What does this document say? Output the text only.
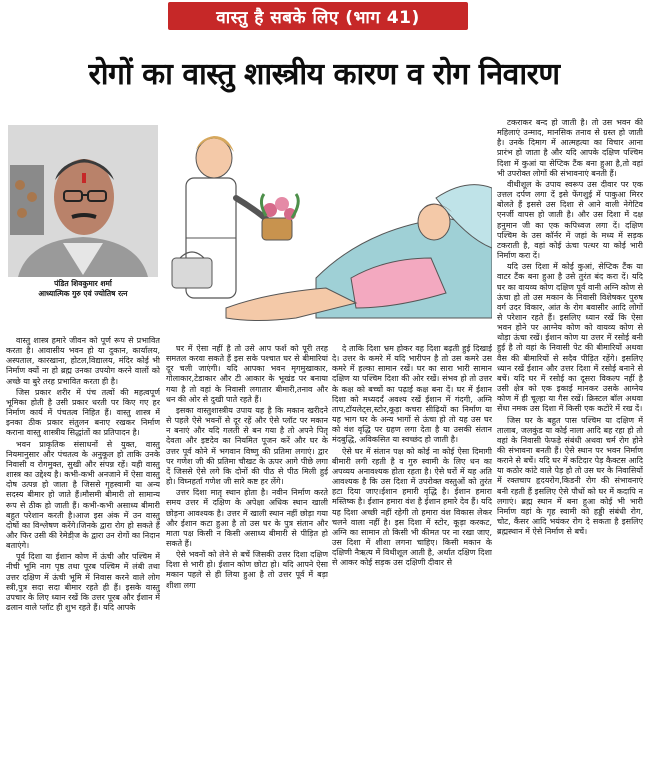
वास्तु है सबके लिए (भाग 41)
रोगों का वास्तु शास्त्रीय कारण व रोग निवारण
पंडित शिवकुमार शर्मा
आध्यात्मिक गुरु एवं ज्योतिष रत्न

वास्तु शास्त्र हमारे जीवन को पूर्ण रूप से प्रभावित करता है। आवासीय भवन हो या दुकान, कार्यालय, अस्पताल, कारखाना, होटल,विद्यालय, मंदिर कोई भी निर्माण क्यों ना हो ब्रह्म उनका उपयोग करने वालों को अच्छे या बुरे तरह प्रभावित करता ही है।

जिस प्रकार शरीर में पंच तत्वों की महत्वपूर्ण भूमिका होती है उसी प्रकार धरती पर किए गए हर निर्माण कार्य में पंचतत्व निहित हैं। वास्तु शास्त्र में इनका ठीक प्रकार संतुलन बनाए रखकर निर्माण कराना वास्तु शास्त्रीय सिद्धांतों का प्रतिपादन है।

भवन प्राकृतिक संसाधनों से युक्त, वास्तु नियमानुसार और पंचतत्व के अनुकूल हो ताकि उनके निवासी व रोगमुक्त, सुखी और संपन्न रहें। यही वास्तु शास्त्र का उद्देश्य है। कभी-कभी अनजाने में ऐसा वास्तु दोष उत्पन्न हो जाता है जिससे गृहस्वामी या अन्य सदस्य बीमार हो जाते हैं।मौसमी बीमारी तो सामान्य रूप से ठीक हो जाती हैं। कभी-कभी असाध्य बीमारी बहुत परेशान करती है।आज इस अंक में उन वास्तु दोषों का विश्लेषण करेंगे।जिनके द्वारा रोग हो सकते हैं और फिर उसी की रेमेडी़ज के द्वारा उन रोगों का निदान बताएंगे।

पूर्व दिशा या ईशान कोण में ऊंची और पश्चिम में नीची भूमि नाग पृष्ठ तथा पूरब पश्चिम में लंबी तथा उत्तर दक्षिण में ऊंची भूमि में निवास करने वाले लोग स्त्री,पुत्र सदा सदा बीमार रहते ही हैं। इसके वास्तु उपचार के लिए ध्यान रखें कि उत्तर पूरब और ईशान में ढलान वाले प्लॉट ही शुभ रहते हैं। यदि आपके

घर में ऐसा नहीं है तो उसे आप फर्श को पूरी तरह समतल करवा सकते हैं इस सके पश्चात घर से बीमारियां दूर चली जाएंगी। यदि आपका भवन मृगमुखाकार, गोलाकार,टेडाकार और टी आकार के भूखंड पर बनाया गया है तो वहां के निवासी लगातार बीमारी,तनाव और धन की ओर से दुखी पाते रहते हैं।

इसका वास्तुशास्त्रीय उपाय यह है कि मकान खरीदने से पहले ऐसे भवनों से दूर रहें और ऐसे प्लॉट पर मकान न बनाएं और यदि गलती से बन गया है तो अपने पितृ देवता और इष्टदेव का नियमित पूजन करें और घर के उत्तर पूर्व कोने में भगवान विष्णु की प्रतिमा लगाएं। द्वार पर गणेश जी की प्रतिमा चौखट के ऊपर आगे पीछे लगा दें जिससे ऐसे लगे कि दोनों की पीठ से पीठ मिली हुई हो। विघ्नहर्ता गणेश जी सारे कष्ट हर लेंगे।

उत्तर दिशा मातृ स्थान होता है। नवीन निर्माण करते समय उत्तर में दक्षिण के अपेक्षा अधिक स्थान खाली छोड़ना आवश्यक है। उत्तर में खाली स्थान नहीं छोड़ा गया और ईशान कटा हुआ है तो उस घर के पुत्र संतान और माता पक्ष किसी न किसी असाध्य बीमारी से पीड़ित हो सकते हैं।

ऐसे भवनों को लेने से बचें जिसकी उत्तर दिशा दक्षिण दिशा से भारी हो। ईशान कोण छोटा हो। यदि आपने ऐसा मकान पहले से ही लिया हुआ है तो उत्तर पूर्व में बड़ा शीशा लगा

दे ताकि दिशा भ्रम होकर वह दिशा बढ़ती हुई दिखाई दे। उत्तर के कमरे में यदि भारीपन है तो उस कमरे उस कमरे में हल्का सामान रखें। घर का सारा भारी सामान दक्षिण या पश्चिम दिशा की ओर रखें। संभव हो तो उत्तर के कक्ष को बच्चों का पढ़ाई कक्ष बना दें। घर में ईशान दिशा को मध्यदर्दं अवश्य रखें ईशान में गंदगी, अग्नि ताप,टॉयलेट्स,स्टोर,कूड़ा कचरा सीढ़ियों का निर्माण या यह भाग घर के अन्य भागों से ऊंचा हो तो यह उस घर को वंश वृद्धि पर ग्रहण लगा देता है या उसकी संतान मंदबुद्धि, अविकसित या स्वच्छंद हो जाती है।

ऐसे घर में संतान पक्ष को कोई ना कोई ऐसा दिमागी बीमारी लगी रहती है व गुरु स्वामी के लिए धन का अपव्यय अनावश्यक होता रहता है। ऐसे घरों में यह अति आवश्यक है कि उस दिशा में उपरोक्त वस्तुओं को तुरंत हटा दिया जाए।ईशान हमारी वृद्धि है। ईशान हमारा मस्तिष्क है। ईशान हमारा वंश है ईशान हमारे देव हैं। यदि यह दिशा अच्छी नहीं रहेगी तो हमारा वंश विकास लेकर चलने वाला नहीं है। इस दिशा में स्टोर, कूड़ा करकट, अग्नि का सामान तो किसी भी कीमत पर ना रखा जाए, उस दिशा में शीशा लगना चाहिए। किसी मकान के दक्षिणी नैऋत्य में विथीशूल आती है, अर्थात दक्षिण दिशा से आकर कोई सड़क उस दक्षिणी दीवार से

टकराकर बन्द हो जाती है। तो उस भवन की महिलाएं उन्माद, मानसिक तनाव से ग्रस्त हो जाती है। उनके दिमाग में आत्महत्या का विचार आना प्रारंभ हो जाता है और यदि आपके दक्षिण पश्चिम दिशा में कुआं या सेप्टिक टैंक बना हुआ है,तो वहां भी उपरोक्त लोगों की संभावनाएं बनती हैं।

वीथीशूल के उपाय स्वरूप उस दीवार पर एक उत्तल दर्पण लगा दें इसे फेंगशुई में पाकुआ मिरर बोलते हैं इससे उस दिशा से आने वाली नेगेटिव एनर्जी वापस हो जाती है। और उस दिशा में दक्ष हनुमान जी का एक कपिध्वज लगा दें। दक्षिण पश्चिम के उस कॉर्नर में जहां के मध्य में सड़क टकराती है, वहां कोई ऊंचा पत्थर या कोई भारी निर्माण करा दें।

यदि उस दिशा में कोई कुआं, सेप्टिक टैंक या वाटर टैंक बना हुआ है उसे तुरंत बंद करा दें। यदि घर का वायव्य कोण दक्षिण पूर्व वानी अग्नि कोण से ऊंचा हो तो उस मकान के निवासी विशेषकर पुरुष वर्ग उदर विकार, आंत के रोग बवासीर आदि लोगों से परेशान रहते हैं। इसलिए ध्यान रखें कि ऐसा भवन होने पर आग्नेय कोण को वायव्य कोण से थोड़ा ऊंचा रखें। ईशान कोण या उत्तर में रसोई बनी हुई है तो वहां के निवासी पेट की बीमारियों अथवा वैस की बीमारियों से सदैव पीड़ित रहेंगे। इसलिए ध्यान रखें ईशान और उत्तर दिशा में रसोई बनाने से बचें। यदि घर में रसोई का दूसरा विकल्प नहीं है उसी क्षेत्र को एक इकाई मानकर उसके आग्नेय कोण में ही चूल्हा या गैस रखें। क्रिस्टल बॉल अथवा सेंधा नमक उस दिशा में किसी एक कटोरे में रख दें।

जिस घर के बहुत पास पश्चिम या दक्षिण में तालाब, जलकुंड या कोई नाला आदि बह रहा हो तो वहां के निवासी फेफड़े संबंधी अथवा चर्म रोग होने की संभावना बनती हैं। ऐसे स्थान पर भवन निर्माण कराने से बचें। यदि घर में कटिदार पेड़ कैक्टस आदि या कठोर कांटे वाले पेड़ हो तो उस घर के निवासियों में रक्तचाप हृदयरोग,किडनी रोग की संभावनाएं बनी रहती हैं इसलिए ऐसे पौधों को घर में कदापि न लगाएं। ब्रह्म स्थान में बना हुआ कोई भी भारी निर्माण वहां के गृह स्वामी को हड्डी संबंधी रोग, चोट, कैंसर आदि भयंकर रोग दे सकता है इसलिए ब्रह्मस्थान में ऐसे निर्माण से बचें।
